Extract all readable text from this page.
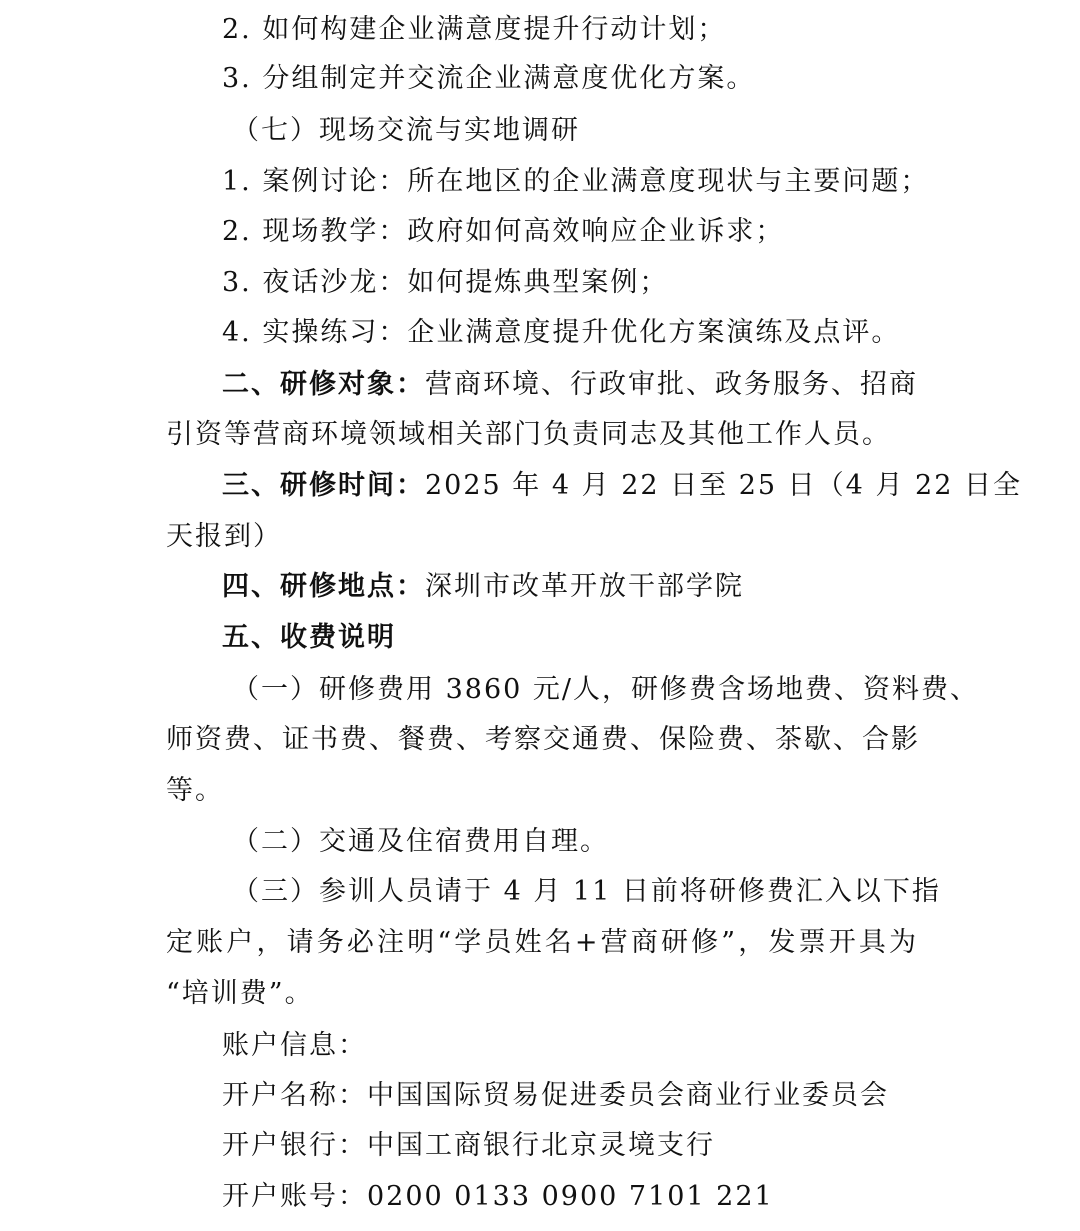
2. 如何构建企业满意度提升行动计划；
3. 分组制定并交流企业满意度优化方案。
（七）现场交流与实地调研
1. 案例讨论：所在地区的企业满意度现状与主要问题；
2. 现场教学：政府如何高效响应企业诉求；
3. 夜话沙龙：如何提炼典型案例；
4. 实操练习：企业满意度提升优化方案演练及点评。
二、研修对象：营商环境、行政审批、政务服务、招商
引资等营商环境领域相关部门负责同志及其他工作人员。
三、研修时间：2025 年 4 月 22 日至 25 日（4 月 22 日全
天报到）
四、研修地点：深圳市改革开放干部学院
五、收费说明
（一）研修费用 3860 元/人，研修费含场地费、资料费、
师资费、证书费、餐费、考察交通费、保险费、茶歇、合影
等。
（二）交通及住宿费用自理。
（三）参训人员请于 4 月 11 日前将研修费汇入以下指
定账户，请务必注明“学员姓名+营商研修”，发票开具为
“培训费”。
账户信息：
开户名称：中国国际贸易促进委员会商业行业委员会
开户银行：中国工商银行北京灵境支行
开户账号：0200 0133 0900 7101 221
